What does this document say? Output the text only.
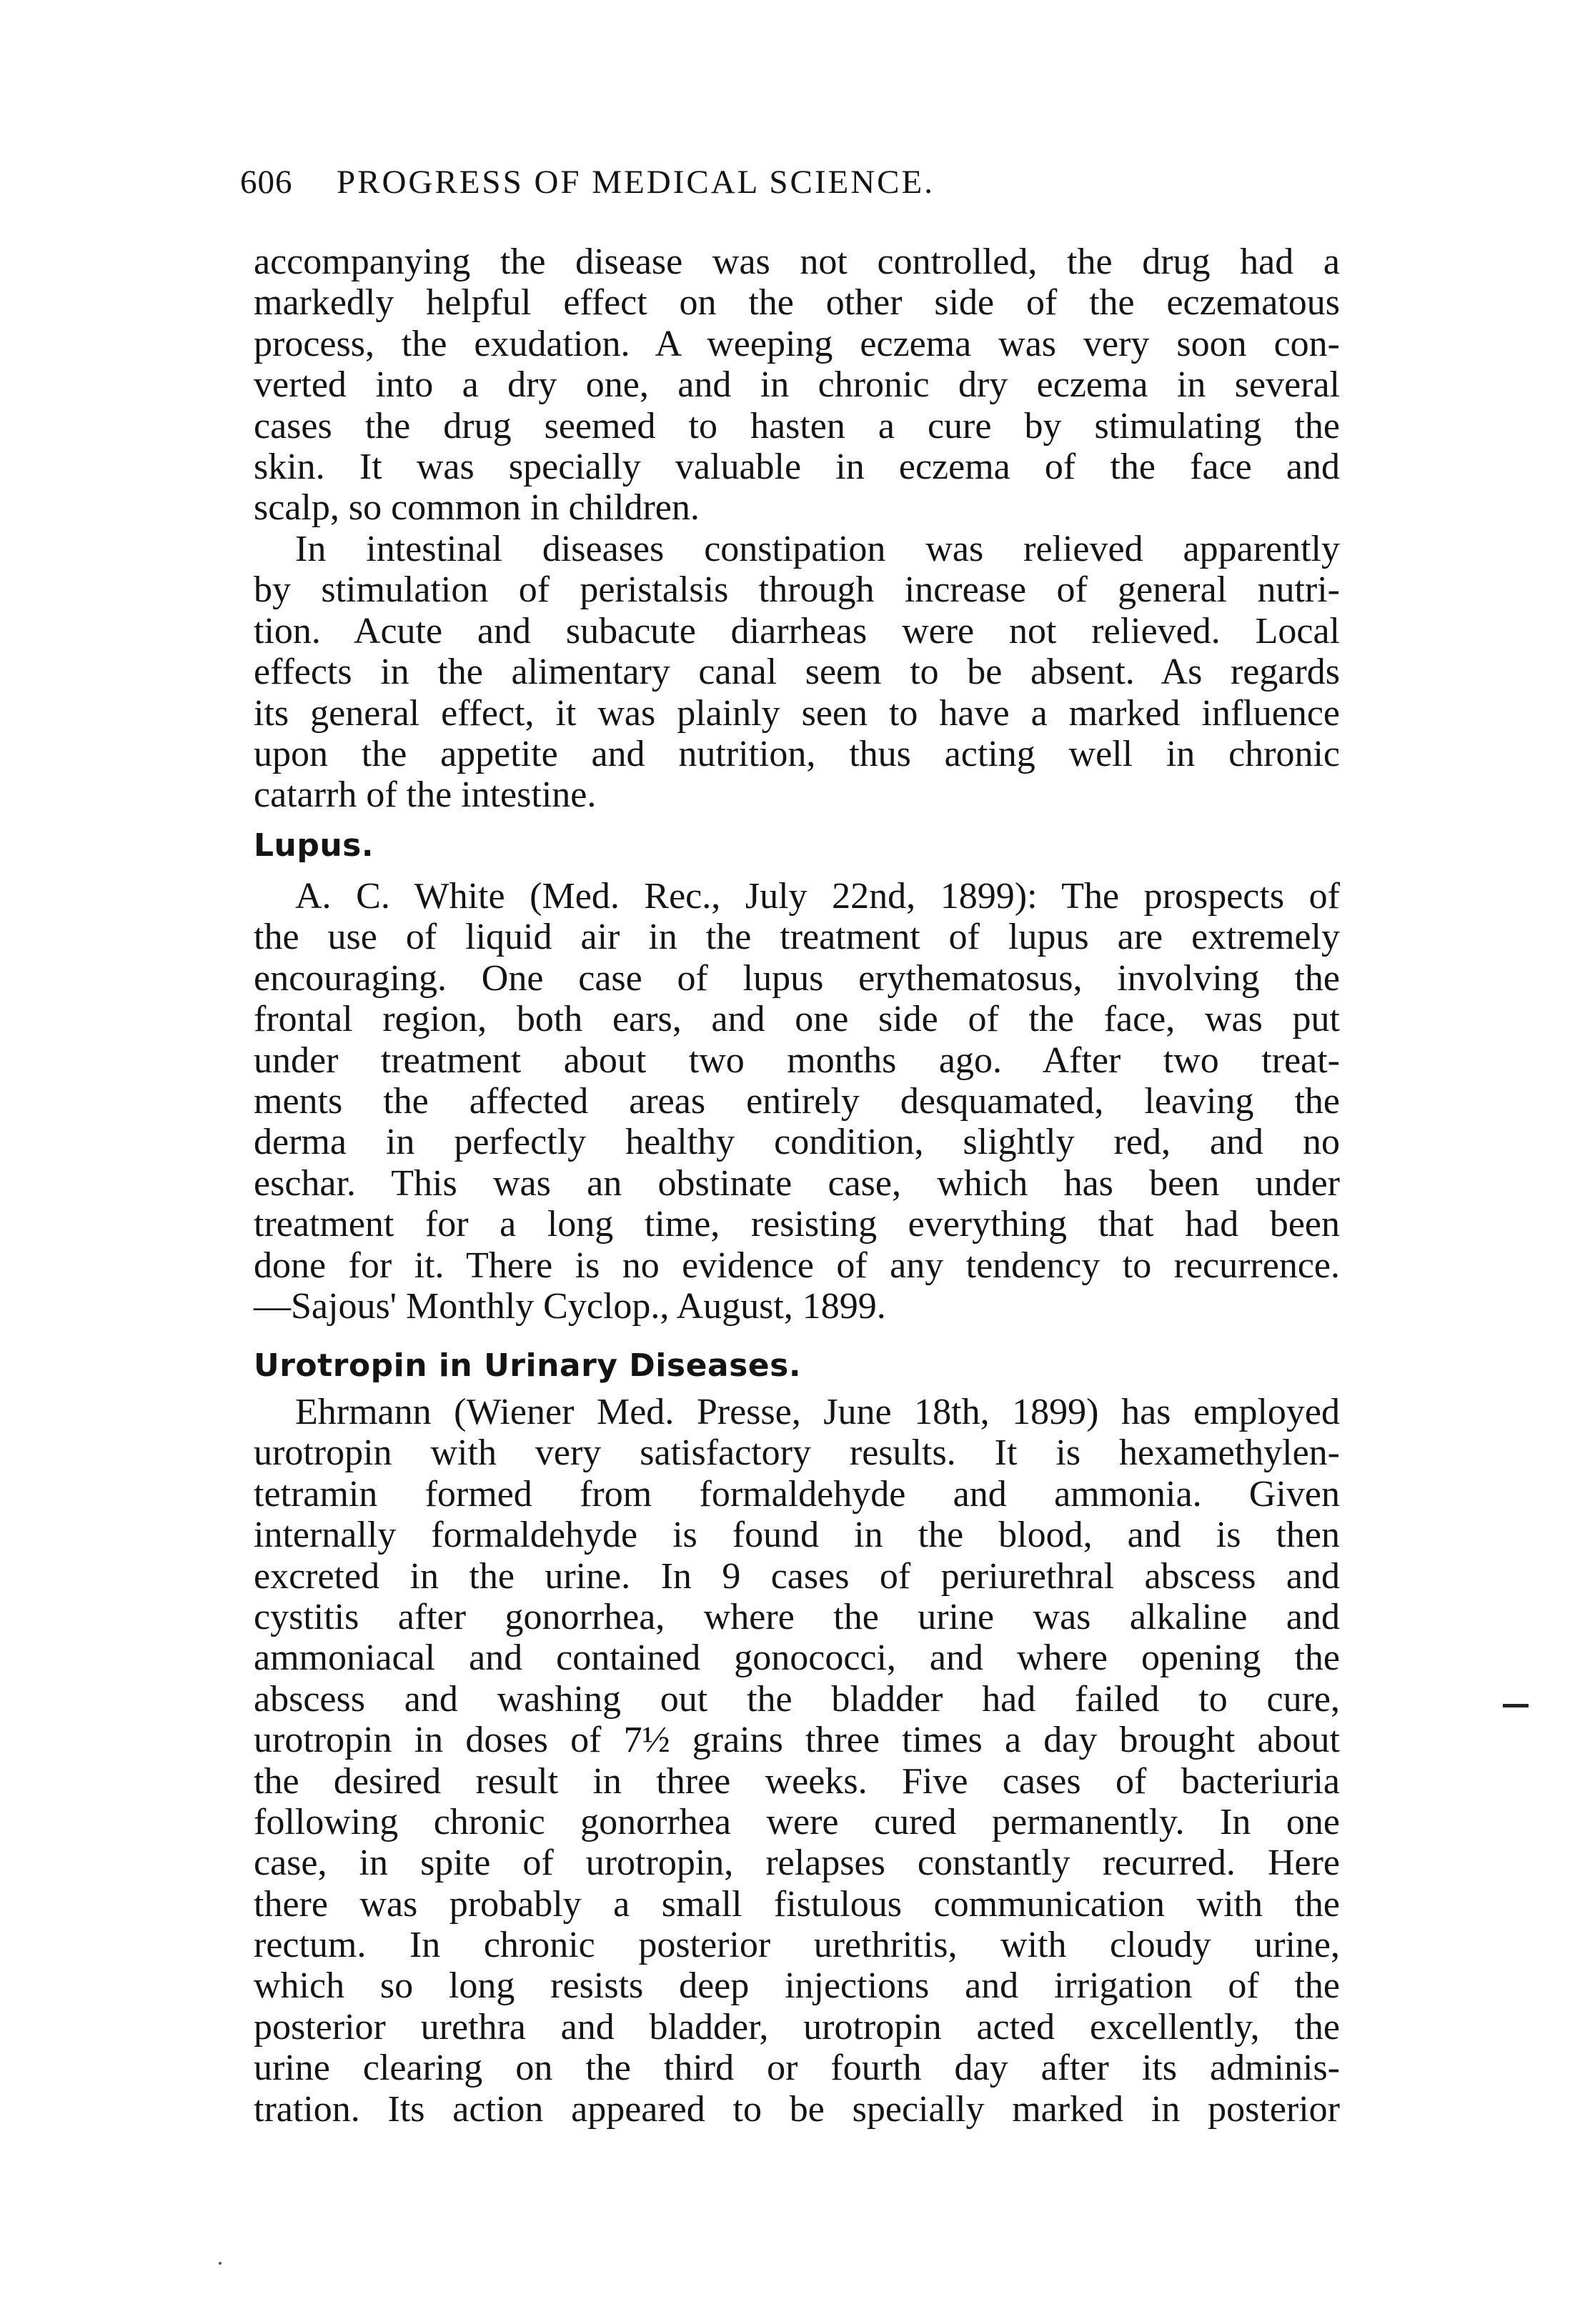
606 PROGRESS OF MEDICAL SCIENCE.
accompanying the disease was not controlled, the drug had a
markedly helpful effect on the other side of the eczematous
process, the exudation. A weeping eczema was very soon con-
verted into a dry one, and in chronic dry eczema in several
cases the drug seemed to hasten a cure by stimulating the
skin. It was specially valuable in eczema of the face and
scalp, so common in children.
In intestinal diseases constipation was relieved apparently
by stimulation of peristalsis through increase of general nutri-
tion. Acute and subacute diarrheas were not relieved. Local
effects in the alimentary canal seem to be absent. As regards
its general effect, it was plainly seen to have a marked influence
upon the appetite and nutrition, thus acting well in chronic
catarrh of the intestine.
Lupus.
A. C. White (Med. Rec., July 22nd, 1899): The prospects of
the use of liquid air in the treatment of lupus are extremely
encouraging. One case of lupus erythematosus, involving the
frontal region, both ears, and one side of the face, was put
under treatment about two months ago. After two treat-
ments the affected areas entirely desquamated, leaving the
derma in perfectly healthy condition, slightly red, and no
eschar. This was an obstinate case, which has been under
treatment for a long time, resisting everything that had been
done for it. There is no evidence of any tendency to recurrence.
—Sajous' Monthly Cyclop., August, 1899.
Urotropin in Urinary Diseases.
Ehrmann (Wiener Med. Presse, June 18th, 1899) has employed
urotropin with very satisfactory results. It is hexamethylen-
tetramin formed from formaldehyde and ammonia. Given
internally formaldehyde is found in the blood, and is then
excreted in the urine. In 9 cases of periurethral abscess and
cystitis after gonorrhea, where the urine was alkaline and
ammoniacal and contained gonococci, and where opening the
abscess and washing out the bladder had failed to cure,
urotropin in doses of 7½ grains three times a day brought about
the desired result in three weeks. Five cases of bacteriuria
following chronic gonorrhea were cured permanently. In one
case, in spite of urotropin, relapses constantly recurred. Here
there was probably a small fistulous communication with the
rectum. In chronic posterior urethritis, with cloudy urine,
which so long resists deep injections and irrigation of the
posterior urethra and bladder, urotropin acted excellently, the
urine clearing on the third or fourth day after its adminis-
tration. Its action appeared to be specially marked in posterior
